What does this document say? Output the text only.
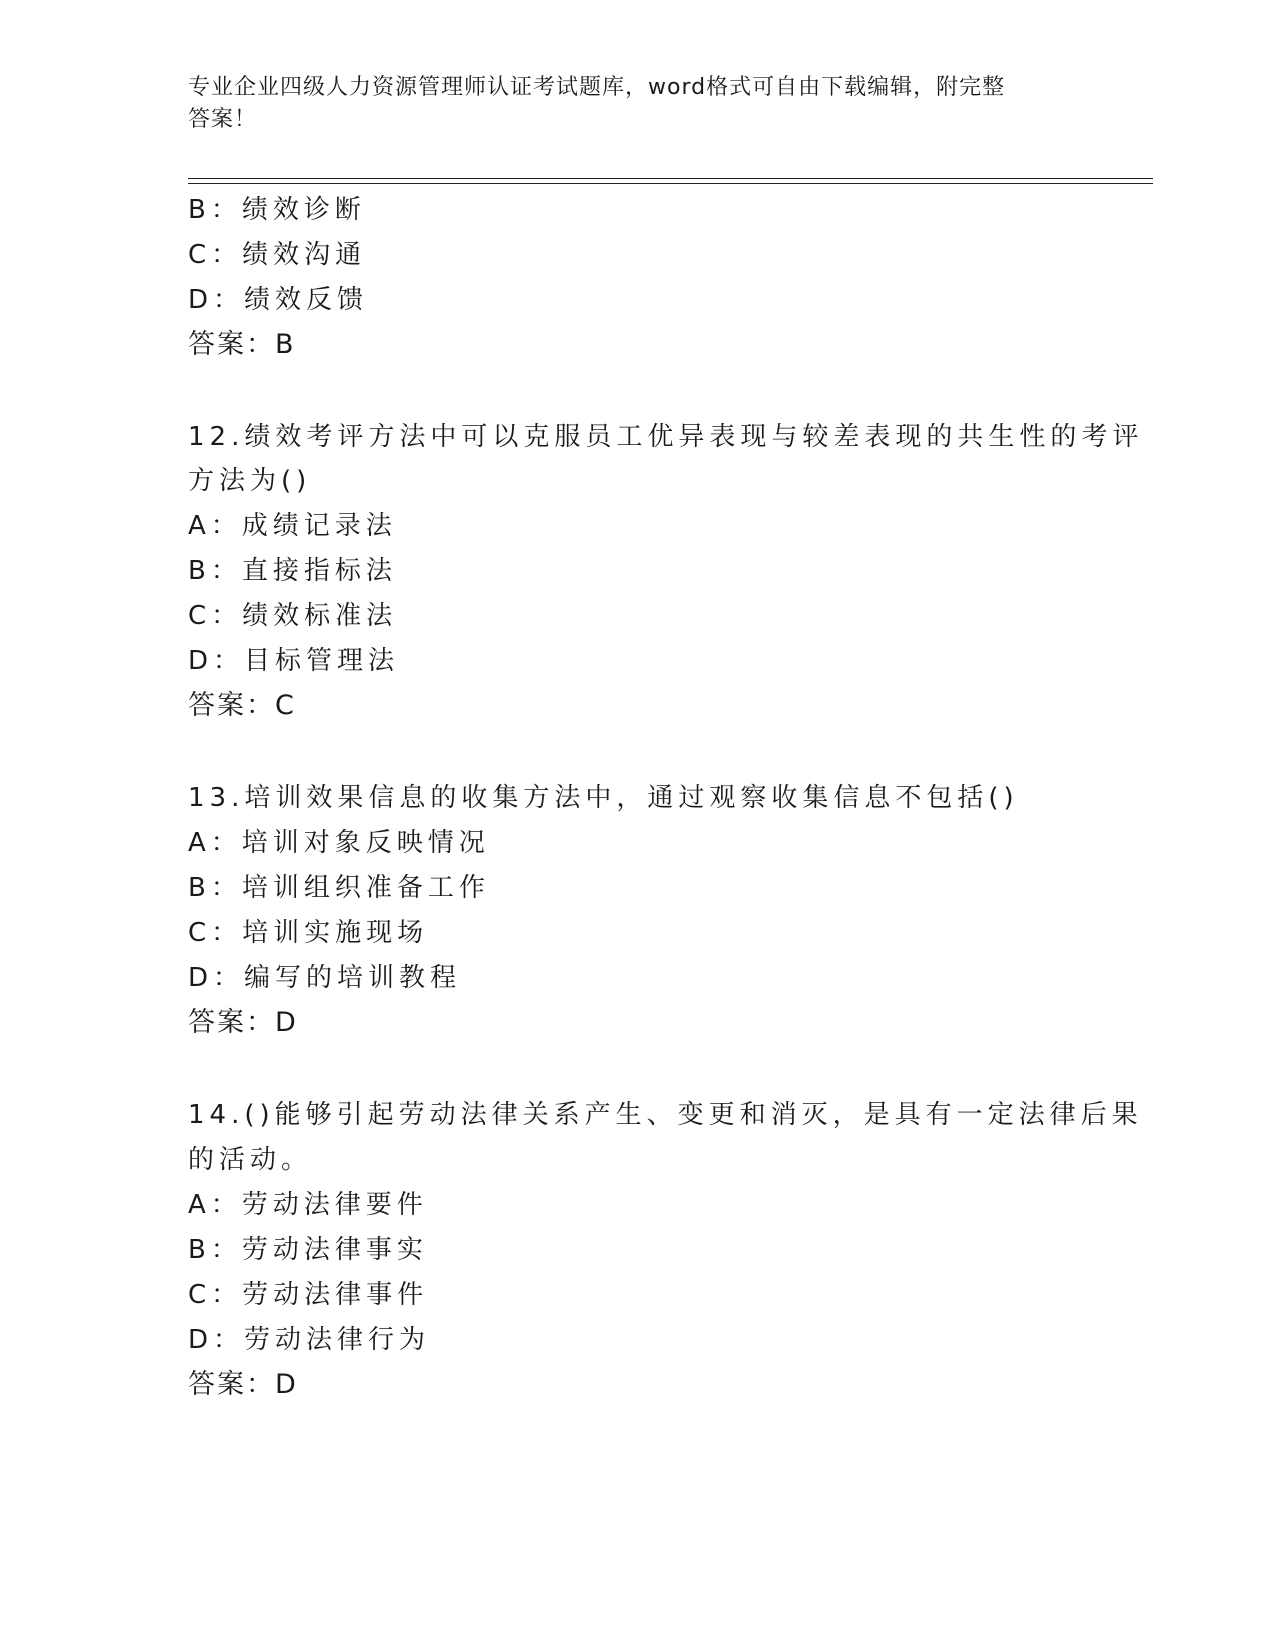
专业企业四级人力资源管理师认证考试题库，word格式可自由下载编辑，附完整
答案！
B：绩效诊断
C：绩效沟通
D：绩效反馈
答案：B
12.绩效考评方法中可以克服员工优异表现与较差表现的共生性的考评
方法为()
A：成绩记录法
B：直接指标法
C：绩效标准法
D：目标管理法
答案：C
13.培训效果信息的收集方法中，通过观察收集信息不包括()
A：培训对象反映情况
B：培训组织准备工作
C：培训实施现场
D：编写的培训教程
答案：D
14.()能够引起劳动法律关系产生、变更和消灭，是具有一定法律后果
的活动。
A：劳动法律要件
B：劳动法律事实
C：劳动法律事件
D：劳动法律行为
答案：D
